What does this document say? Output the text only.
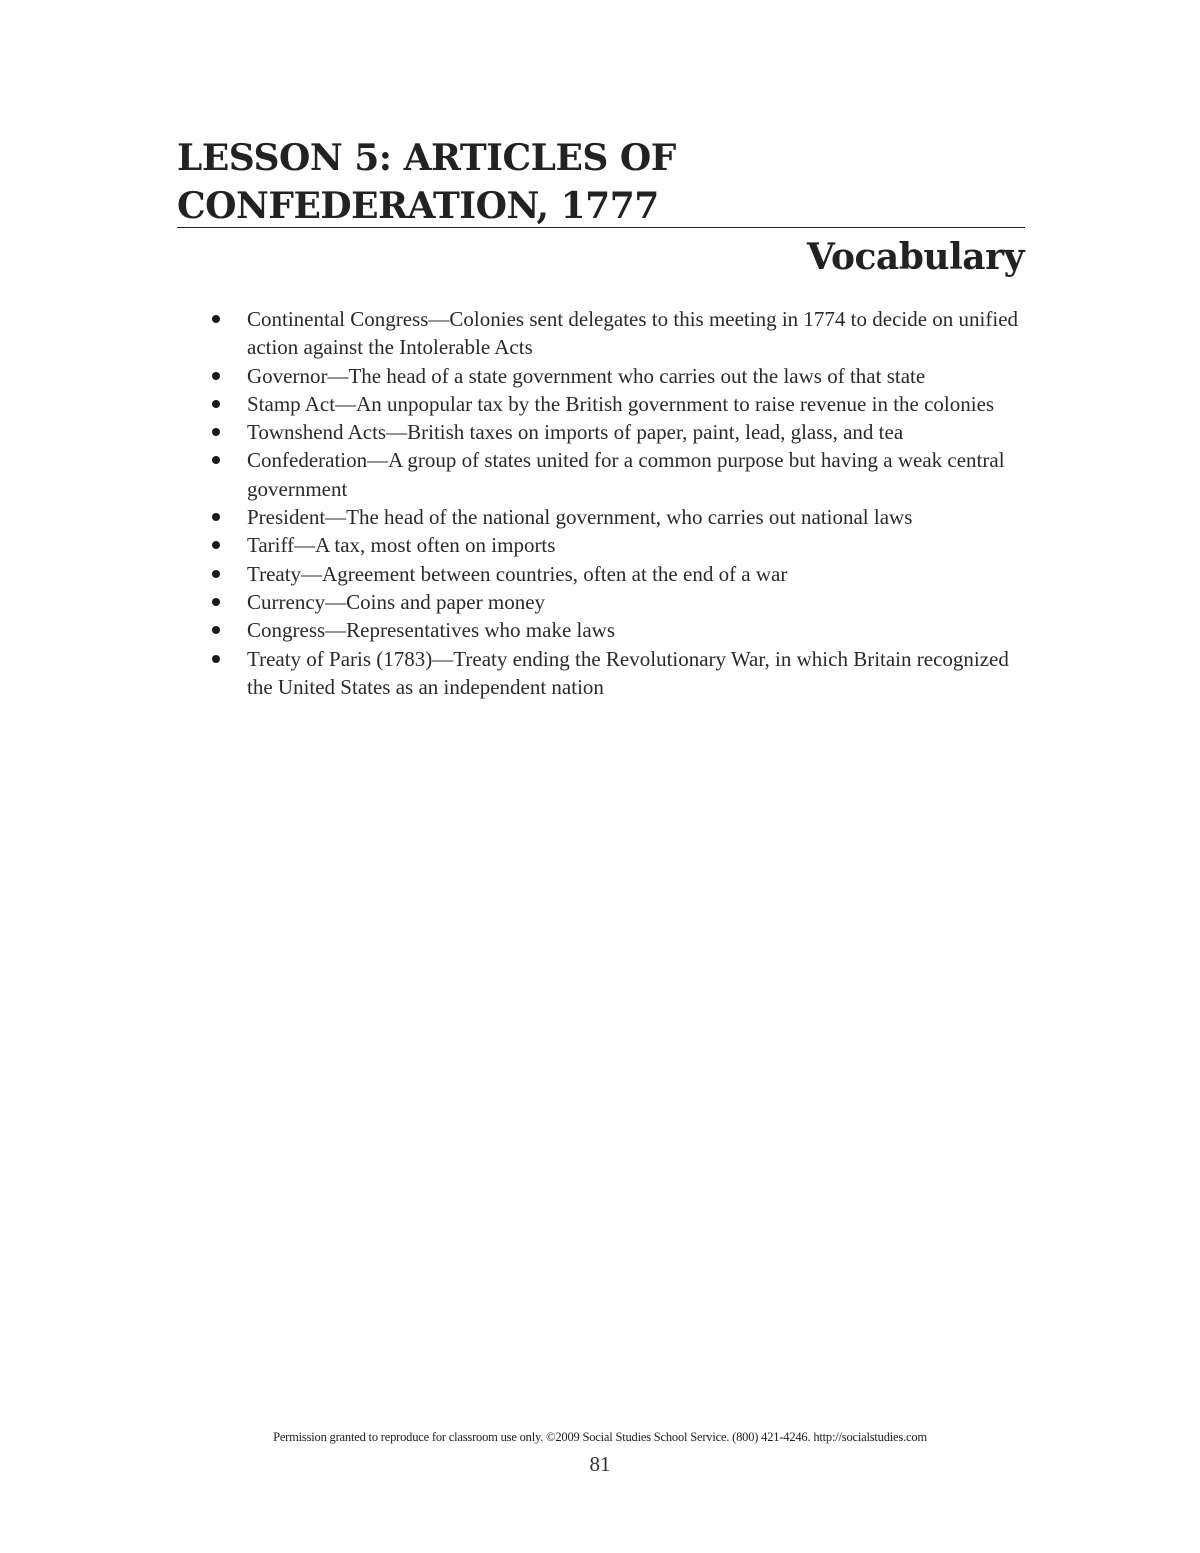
LESSON 5: ARTICLES OF
CONFEDERATION, 1777
Vocabulary
Continental Congress—Colonies sent delegates to this meeting in 1774 to decide on unified action against the Intolerable Acts
Governor—The head of a state government who carries out the laws of that state
Stamp Act—An unpopular tax by the British government to raise revenue in the colonies
Townshend Acts—British taxes on imports of paper, paint, lead, glass, and tea
Confederation—A group of states united for a common purpose but having a weak central government
President—The head of the national government, who carries out national laws
Tariff—A tax, most often on imports
Treaty—Agreement between countries, often at the end of a war
Currency—Coins and paper money
Congress—Representatives who make laws
Treaty of Paris (1783)—Treaty ending the Revolutionary War, in which Britain recognized the United States as an independent nation
Permission granted to reproduce for classroom use only. ©2009 Social Studies School Service. (800) 421-4246. http://socialstudies.com
81
